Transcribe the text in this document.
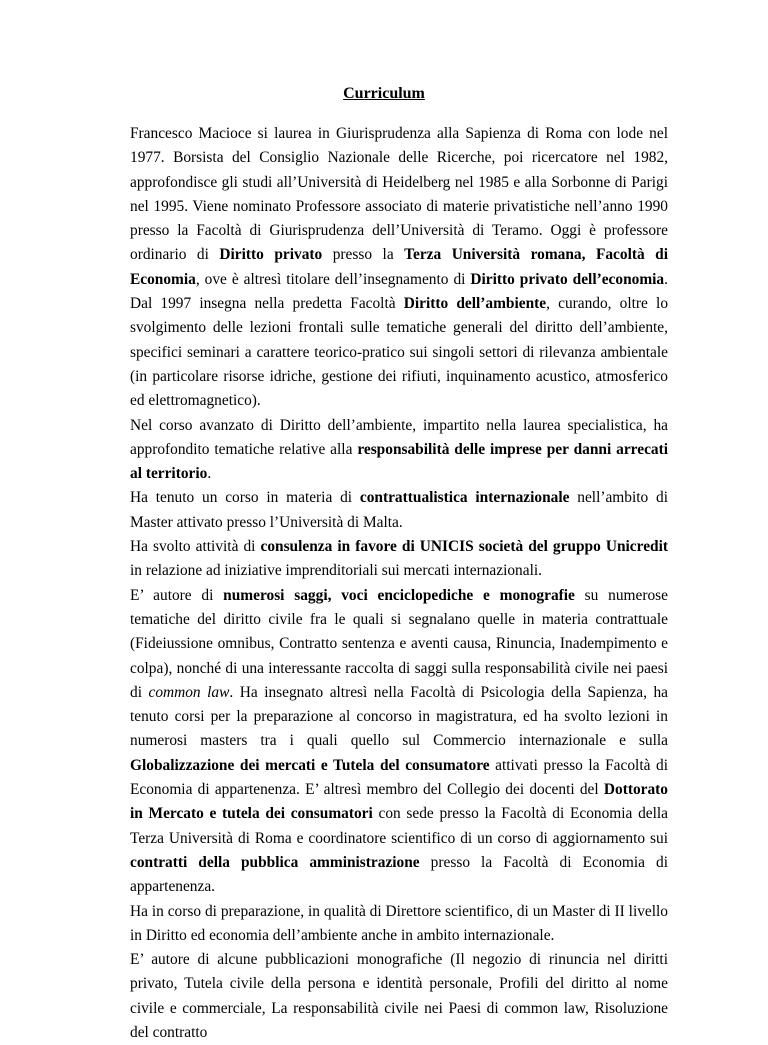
Curriculum

Francesco Macioce si laurea in Giurisprudenza alla Sapienza di Roma con lode nel 1977. Borsista del Consiglio Nazionale delle Ricerche, poi ricercatore nel 1982, approfondisce gli studi all’Università di Heidelberg nel 1985 e alla Sorbonne di Parigi nel 1995. Viene nominato Professore associato di materie privatistiche nell’anno 1990 presso la Facoltà di Giurisprudenza dell’Università di Teramo. Oggi è professore ordinario di Diritto privato presso la Terza Università romana, Facoltà di Economia, ove è altresì titolare dell’insegnamento di Diritto privato dell’economia. Dal 1997 insegna nella predetta Facoltà Diritto dell’ambiente, curando, oltre lo svolgimento delle lezioni frontali sulle tematiche generali del diritto dell’ambiente, specifici seminari a carattere teorico-pratico sui singoli settori di rilevanza ambientale (in particolare risorse idriche, gestione dei rifiuti, inquinamento acustico, atmosferico ed elettromagnetico).

Nel corso avanzato di Diritto dell’ambiente, impartito nella laurea specialistica, ha approfondito tematiche relative alla responsabilità delle imprese per danni arrecati al territorio.

Ha tenuto un corso in materia di contrattualistica internazionale nell’ambito di Master attivato presso l’Università di Malta.

Ha svolto attività di consulenza in favore di UNICIS società del gruppo Unicredit in relazione ad iniziative imprenditoriali sui mercati internazionali.

E’ autore di numerosi saggi, voci enciclopediche e monografie su numerose tematiche del diritto civile fra le quali si segnalano quelle in materia contrattuale (Fideiussione omnibus, Contratto sentenza e aventi causa, Rinuncia, Inadempimento e colpa), nonché di una interessante raccolta di saggi sulla responsabilità civile nei paesi di common law. Ha insegnato altresì nella Facoltà di Psicologia della Sapienza, ha tenuto corsi per la preparazione al concorso in magistratura, ed ha svolto lezioni in numerosi masters tra i quali quello sul Commercio internazionale e sulla Globalizzazione dei mercati e Tutela del consumatore attivati presso la Facoltà di Economia di appartenenza. E’ altresì membro del Collegio dei docenti del Dottorato in Mercato e tutela dei consumatori con sede presso la Facoltà di Economia della Terza Università di Roma e coordinatore scientifico di un corso di aggiornamento sui contratti della pubblica amministrazione presso la Facoltà di Economia di appartenenza.

Ha in corso di preparazione, in qualità di Direttore scientifico, di un Master di II livello in Diritto ed economia dell’ambiente anche in ambito internazionale.

E’ autore di alcune pubblicazioni monografiche (Il negozio di rinuncia nel diritti privato, Tutela civile della persona e identità personale, Profili del diritto al nome civile e commerciale, La responsabilità civile nei Paesi di common law, Risoluzione del contratto
